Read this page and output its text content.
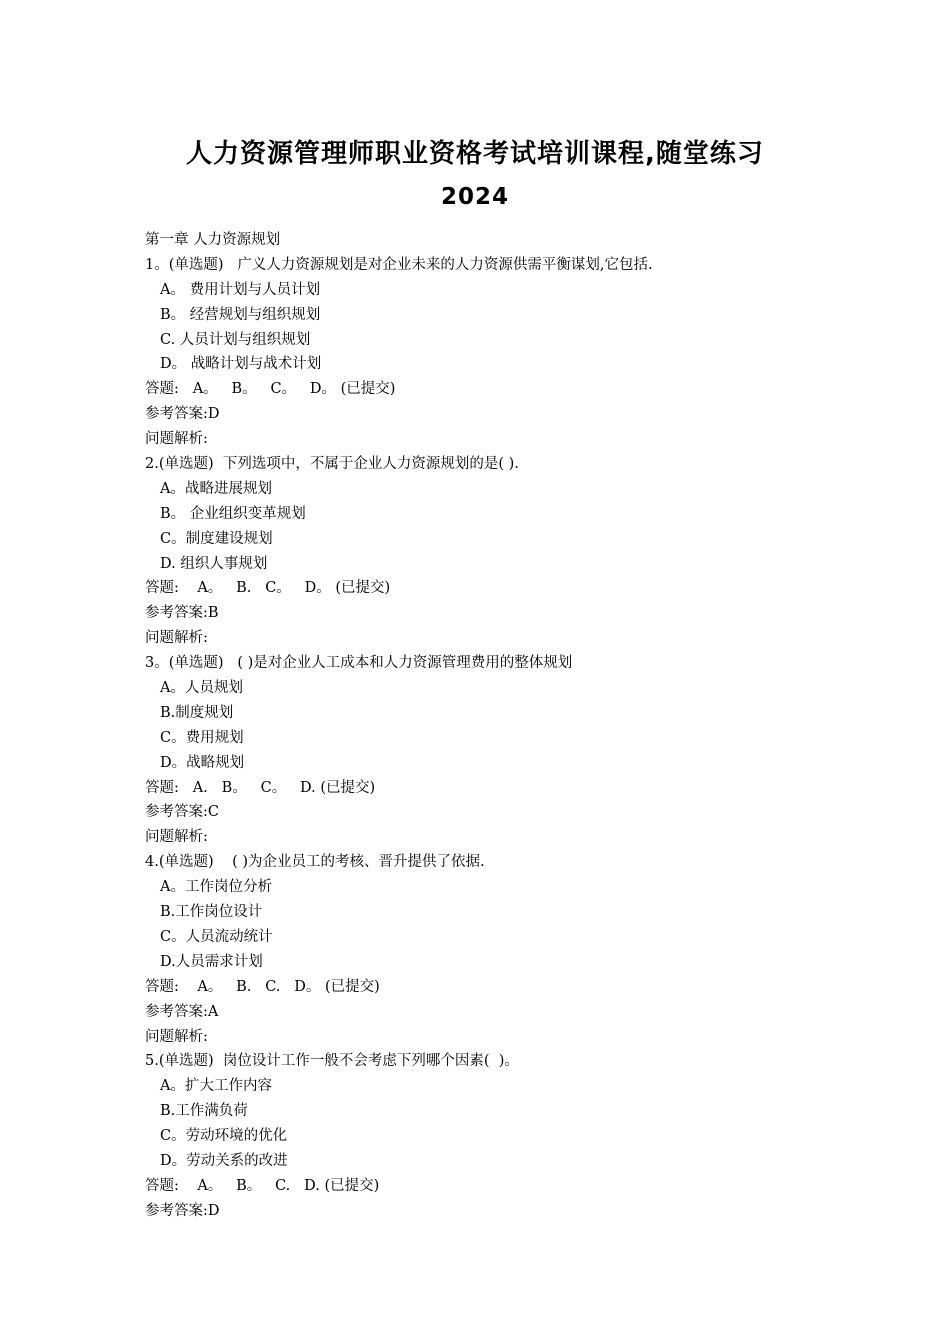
人力资源管理师职业资格考试培训课程,随堂练习
2024
第一章 人力资源规划
1。(单选题)   广义人力资源规划是对企业未来的人力资源供需平衡谋划,它包括.
A。 费用计划与人员计划
B。 经营规划与组织规划
C. 人员计划与组织规划
D。 战略计划与战术计划
答题:   A。   B。   C。   D。 (已提交)
参考答案:D
问题解析:
2.(单选题)  下列选项中，不属于企业人力资源规划的是( ).
A。战略进展规划
B。 企业组织变革规划
C。制度建设规划
D. 组织人事规划
答题:    A。   B.   C。   D。 (已提交)
参考答案:B
问题解析:
3。(单选题)   ( )是对企业人工成本和人力资源管理费用的整体规划
A。人员规划
B.制度规划
C。费用规划
D。战略规划
答题:   A.   B。   C。   D. (已提交)
参考答案:C
问题解析:
4.(单选题)    ( )为企业员工的考核、晋升提供了依据.
A。工作岗位分析
B.工作岗位设计
C。人员流动统计
D.人员需求计划
答题:    A。   B.   C.   D。 (已提交)
参考答案:A
问题解析:
5.(单选题)  岗位设计工作一般不会考虑下列哪个因素(  )。
A。扩大工作内容
B.工作满负荷
C。劳动环境的优化
D。劳动关系的改进
答题:    A。   B。   C.   D. (已提交)
参考答案:D
